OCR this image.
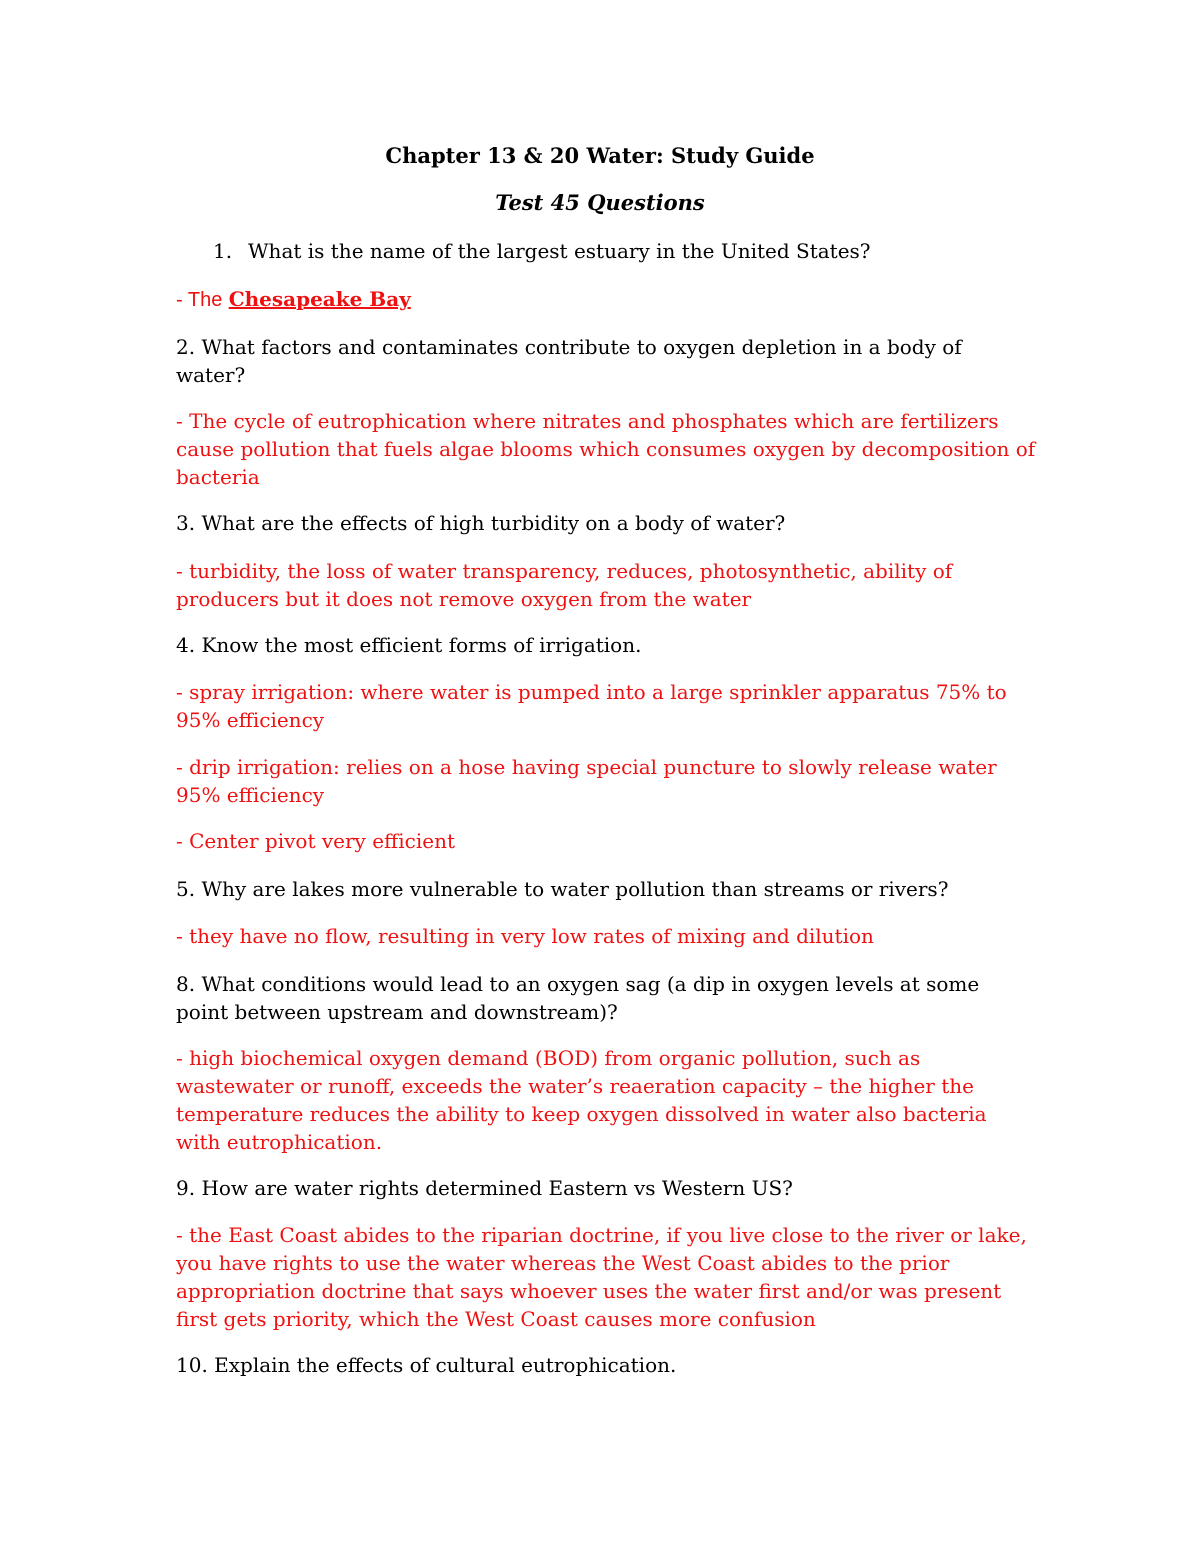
Chapter 13 & 20 Water: Study Guide
Test 45 Questions
1. What is the name of the largest estuary in the United States?
- The Chesapeake Bay

2. What factors and contaminates contribute to oxygen depletion in a body of water?

- The cycle of eutrophication where nitrates and phosphates which are fertilizers cause pollution that fuels algae blooms which consumes oxygen by decomposition of bacteria

3. What are the effects of high turbidity on a body of water?

- turbidity, the loss of water transparency, reduces, photosynthetic, ability of producers but it does not remove oxygen from the water

4. Know the most efficient forms of irrigation.

- spray irrigation: where water is pumped into a large sprinkler apparatus 75% to 95% efficiency

- drip irrigation: relies on a hose having special puncture to slowly release water 95% efficiency

- Center pivot very efficient

5. Why are lakes more vulnerable to water pollution than streams or rivers?

- they have no flow, resulting in very low rates of mixing and dilution

8. What conditions would lead to an oxygen sag (a dip in oxygen levels at some point between upstream and downstream)?

- high biochemical oxygen demand (BOD) from organic pollution, such as wastewater or runoff, exceeds the water’s reaeration capacity – the higher the temperature reduces the ability to keep oxygen dissolved in water also bacteria with eutrophication.

9. How are water rights determined Eastern vs Western US?

- the East Coast abides to the riparian doctrine, if you live close to the river or lake, you have rights to use the water whereas the West Coast abides to the prior appropriation doctrine that says whoever uses the water first and/or was present first gets priority, which the West Coast causes more confusion

10. Explain the effects of cultural eutrophication.
